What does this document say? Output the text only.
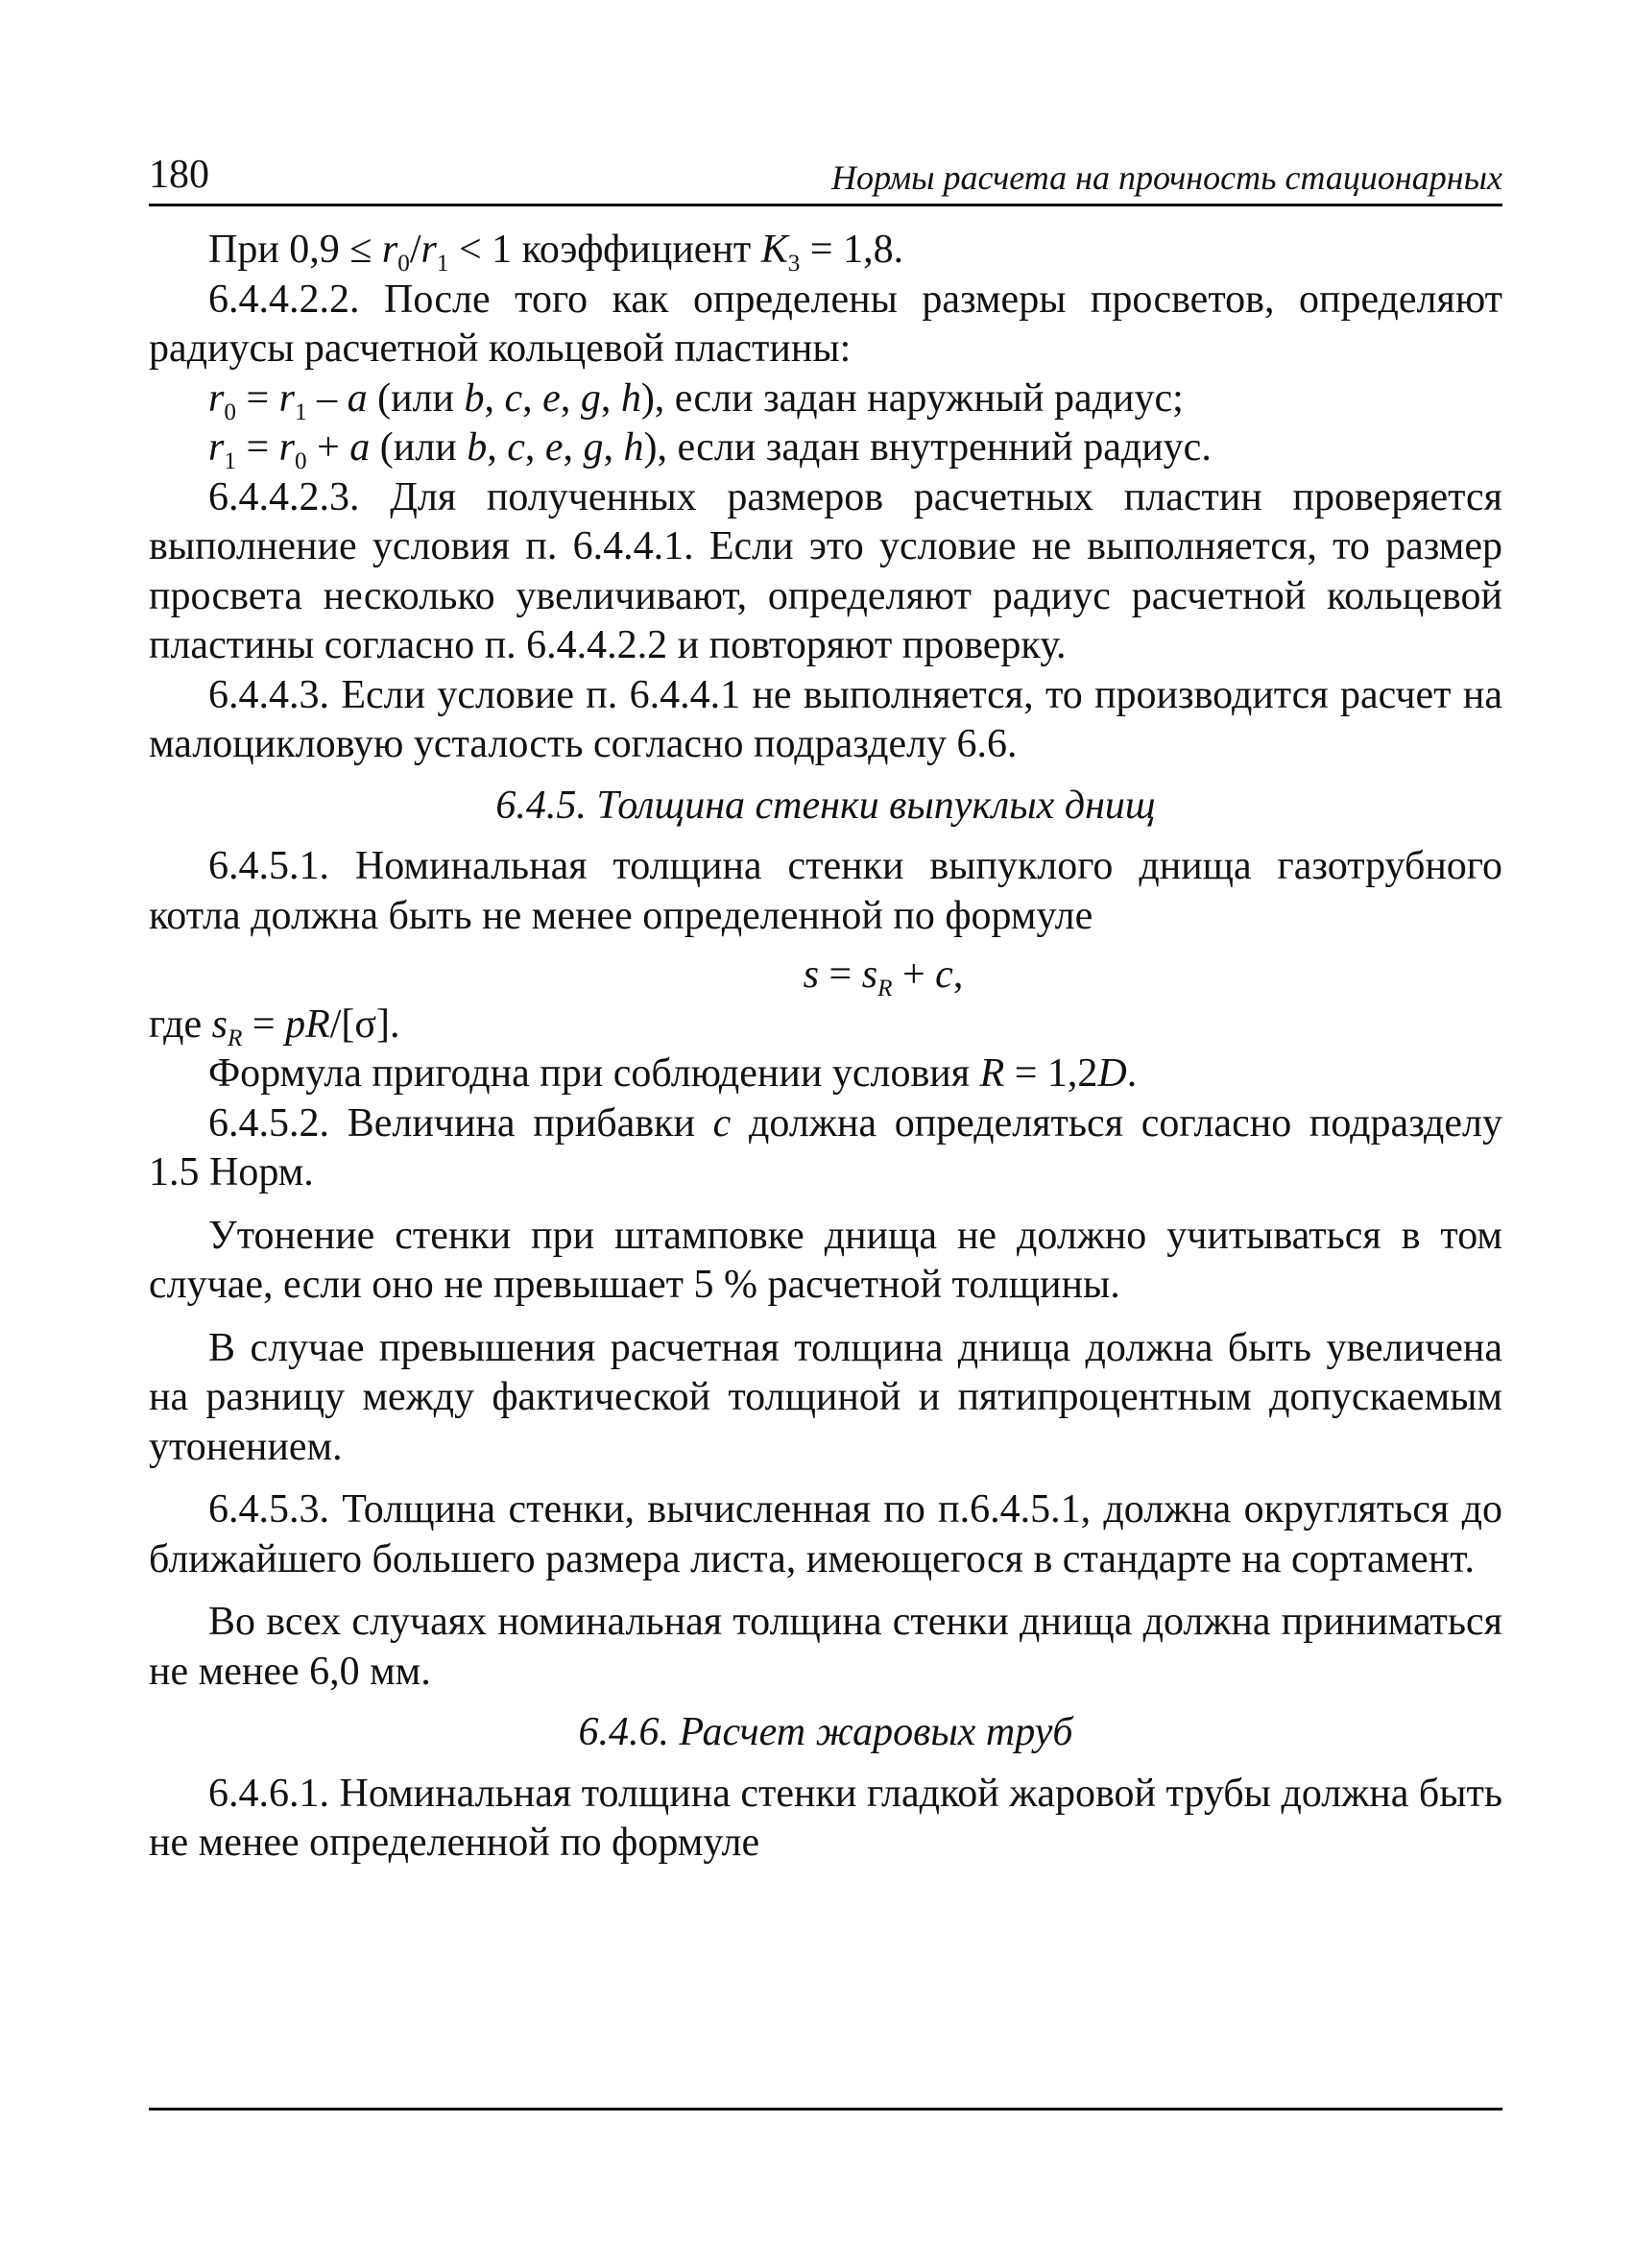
180	Нормы расчета на прочность стационарных

При $0,9 \le r_0/r_1 < 1$ коэффициент $K_3 = 1,8$.

6.4.4.2.2. После того как определены размеры просветов, определяют радиусы расчетной кольцевой пластины:

$r_0 = r_1 - a$ (или b, c, e, g, h), если задан наружный радиус;

$r_1 = r_0 + a$ (или b, c, e, g, h), если задан внутренний радиус.

6.4.4.2.3. Для полученных размеров расчетных пластин проверяется выполнение условия п. 6.4.4.1. Если это условие не выполняется, то размер просвета несколько увеличивают, определяют радиус расчетной кольцевой пластины согласно п. 6.4.4.2.2 и повторяют проверку.

6.4.4.3. Если условие п. 6.4.4.1 не выполняется, то производится расчет на малоцикловую усталость согласно подразделу 6.6.

6.4.5. Толщина стенки выпуклых днищ

6.4.5.1. Номинальная толщина стенки выпуклого днища газотрубного котла должна быть не менее определенной по формуле

$s = s_R + c$,

где $s_R = pR/[\sigma]$.

Формула пригодна при соблюдении условия R = 1,2D.

6.4.5.2. Величина прибавки c должна определяться согласно подразделу 1.5 Норм.

Утонение стенки при штамповке днища не должно учитываться в том случае, если оно не превышает 5 % расчетной толщины.

В случае превышения расчетная толщина днища должна быть увеличена на разницу между фактической толщиной и пятипроцентным допускаемым утонением.

6.4.5.3. Толщина стенки, вычисленная по п.6.4.5.1, должна округляться до ближайшего большего размера листа, имеющегося в стандарте на сортамент.

Во всех случаях номинальная толщина стенки днища должна приниматься не менее 6,0 мм.

6.4.6. Расчет жаровых труб

6.4.6.1. Номинальная толщина стенки гладкой жаровой трубы должна быть не менее определенной по формуле
